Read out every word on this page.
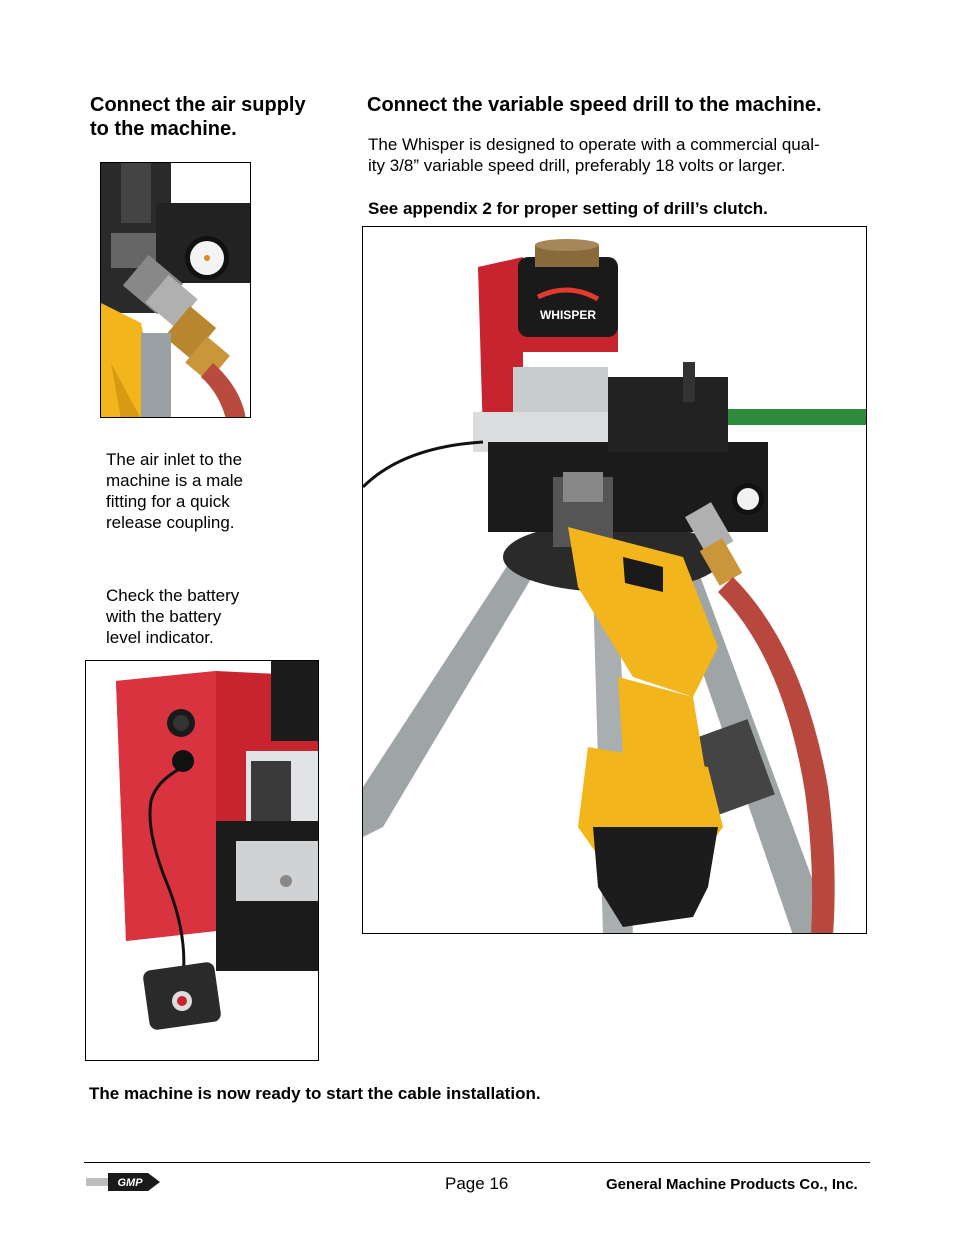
Connect the air supply
to the machine.

The air inlet to the

machine is a male

fitting for a quick

release coupling.

Check the battery

with the battery

level indicator.

Connect the variable speed drill to the machine.

The Whisper is designed to operate with a commercial qual-

ity 3/8” variable speed drill, preferably 18 volts or larger.

See appendix 2 for proper setting of drill’s clutch.

WHISPER

The machine is now ready to start the cable installation.

GMP	Page 16	General Machine Products Co., Inc.
